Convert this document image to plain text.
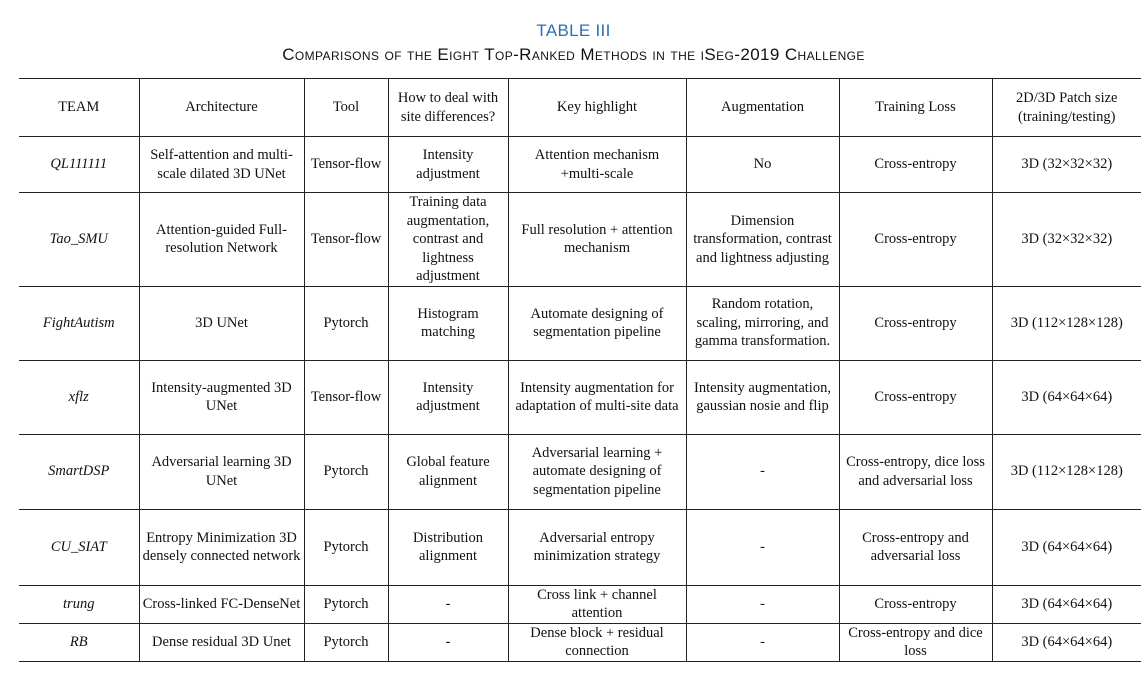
TABLE III
Comparisons of the Eight Top-Ranked Methods in the iSeg-2019 Challenge
TEAM	Architecture	Tool	How to deal with site differences?	Key highlight	Augmentation	Training Loss	2D/3D Patch size (training/testing)
QL111111	Self-attention and multi-scale dilated 3D UNet	Tensor-flow	Intensity adjustment	Attention mechanism +multi-scale	No	Cross-entropy	3D (32×32×32)
Tao_SMU	Attention-guided Full-resolution Network	Tensor-flow	Training data augmentation, contrast and lightness adjustment	Full resolution + attention mechanism	Dimension transformation, contrast and lightness adjusting	Cross-entropy	3D (32×32×32)
FightAutism	3D UNet	Pytorch	Histogram matching	Automate designing of segmentation pipeline	Random rotation, scaling, mirroring, and gamma transformation.	Cross-entropy	3D (112×128×128)
xflz	Intensity-augmented 3D UNet	Tensor-flow	Intensity adjustment	Intensity augmentation for adaptation of multi-site data	Intensity augmentation, gaussian nosie and flip	Cross-entropy	3D (64×64×64)
SmartDSP	Adversarial learning 3D UNet	Pytorch	Global feature alignment	Adversarial learning + automate designing of segmentation pipeline	-	Cross-entropy, dice loss and adversarial loss	3D (112×128×128)
CU_SIAT	Entropy Minimization 3D densely connected network	Pytorch	Distribution alignment	Adversarial entropy minimization strategy	-	Cross-entropy and adversarial loss	3D (64×64×64)
trung	Cross-linked FC-DenseNet	Pytorch	-	Cross link + channel attention	-	Cross-entropy	3D (64×64×64)
RB	Dense residual 3D Unet	Pytorch	-	Dense block + residual connection	-	Cross-entropy and dice loss	3D (64×64×64)
